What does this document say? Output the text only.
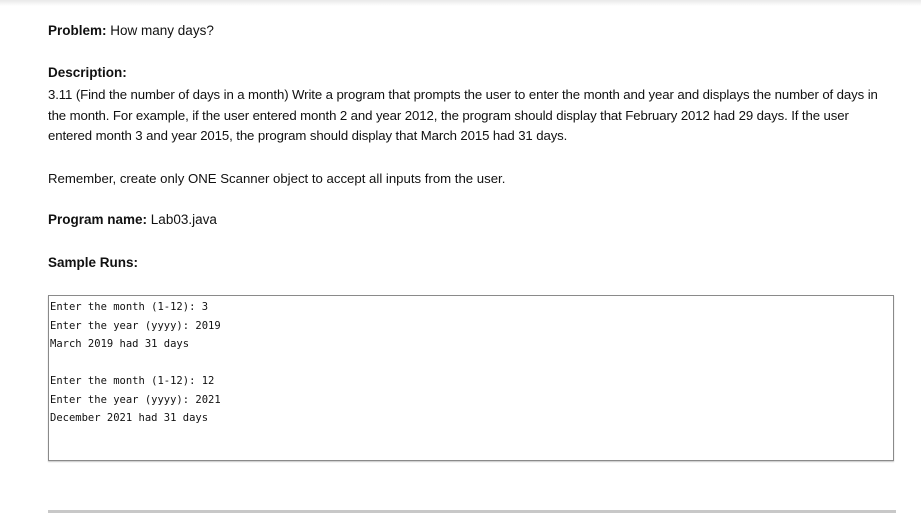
Problem: How many days?
Description:
3.11 (Find the number of days in a month) Write a program that prompts the user to enter the month and year and displays the number of days in the month. For example, if the user entered month 2 and year 2012, the program should display that February 2012 had 29 days. If the user entered month 3 and year 2015, the program should display that March 2015 had 31 days.
Remember, create only ONE Scanner object to accept all inputs from the user.
Program name: Lab03.java
Sample Runs:
Enter the month (1-12): 3
Enter the year (yyyy): 2019
March 2019 had 31 days
Enter the month (1-12): 12
Enter the year (yyyy): 2021
December 2021 had 31 days
